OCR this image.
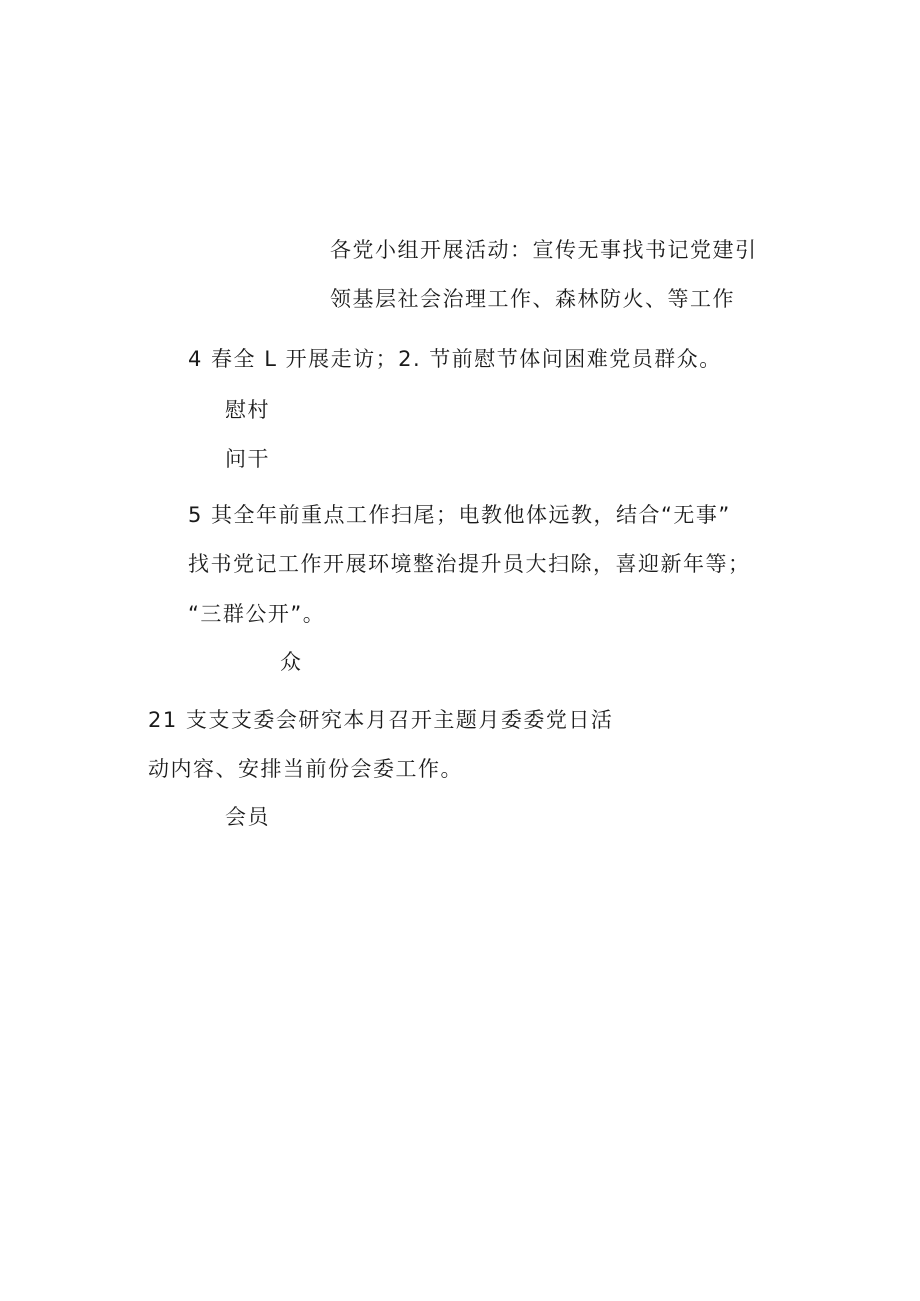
各党小组开展活动：宣传无事找书记党建引
领基层社会治理工作、森林防火、等工作
4 春全 L 开展走访；2. 节前慰节体问困难党员群众。
慰村
问干
5 其全年前重点工作扫尾；电教他体远教，结合“无事”
找书党记工作开展环境整治提升员大扫除，喜迎新年等；
“三群公开”。
众
21 支支支委会研究本月召开主题月委委党日活
动内容、安排当前份会委工作。
会员
